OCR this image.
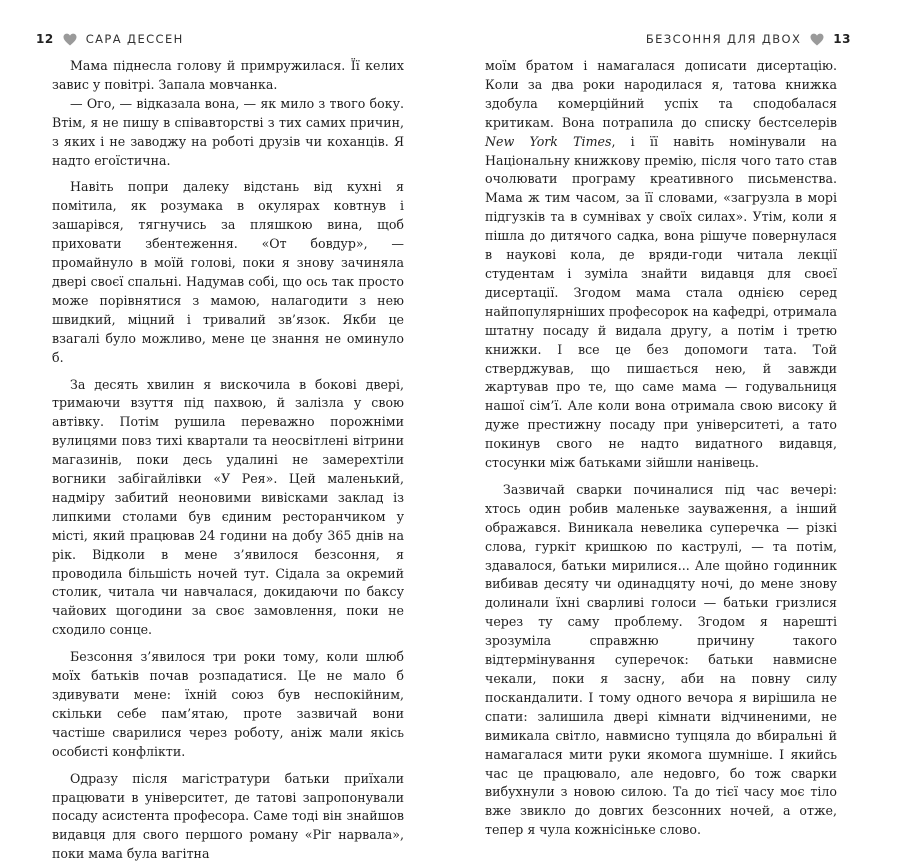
12	САРА ДЕССЕН

Мама піднесла голову й примружилася. Її келих завис у повітрі. Запала мовчанка.

— Ого, — відказала вона, — як мило з твого боку. Втім, я не пишу в співавторстві з тих самих причин, з яких і не заводжу на роботі друзів чи коханців. Я надто егоїстична.

Навіть попри далеку відстань від кухні я помітила, як розумака в окулярах ковтнув і зашарівся, тягнучись за пляшкою вина, щоб приховати збентеження. «От бовдур», — промайнуло в моїй голові, поки я знову зачиняла двері своєї спальні. Надумав собі, що ось так просто може порівнятися з мамою, налагодити з нею швидкий, міцний і тривалий зв’язок. Якби це взагалі було можливо, мене це знання не оминуло б.

За десять хвилин я вискочила в бокові двері, тримаючи взуття під пахвою, й залізла у свою автівку. Потім рушила переважно порожніми вулицями повз тихі квартали та неосвітлені вітрини магазинів, поки десь удалині не замерехтіли вогники забігайлівки «У Рея». Цей маленький, надміру забитий неоновими вивісками заклад із липкими столами був єдиним ресторанчиком у місті, який працював 24 години на добу 365 днів на рік. Відколи в мене з’явилося безсоння, я проводила більшість ночей тут. Сідала за окремий столик, читала чи навчалася, докидаючи по баксу чайових щогодини за своє замовлення, поки не сходило сонце.

Безсоння з’явилося три роки тому, коли шлюб моїх батьків почав розпадатися. Це не мало б здивувати мене: їхній союз був неспокійним, скільки себе пам’ятаю, проте зазвичай вони частіше сварилися через роботу, аніж мали якісь особисті конфлікти.

Одразу після магістратури батьки приїхали працювати в університет, де татові запропонували посаду асистента професора. Саме тоді він знайшов видавця для свого першого роману «Ріг нарвала», поки мама була вагітна

БЕЗСОННЯ ДЛЯ ДВОХ	13

моїм братом і намагалася дописати дисертацію. Коли за два роки народилася я, татова книжка здобула комерційний успіх та сподобалася критикам. Вона потрапила до списку бестселерів New York Times, і її навіть номінували на Національну книжкову премію, після чого тато став очолювати програму креативного письменства. Мама ж тим часом, за її словами, «загрузла в морі підгузків та в сумнівах у своїх силах». Утім, коли я пішла до дитячого садка, вона рішуче повернулася в наукові кола, де вряди-годи читала лекції студентам і зуміла знайти видавця для своєї дисертації. Згодом мама стала однією серед найпопулярніших професорок на кафедрі, отримала штатну посаду й видала другу, а потім і третю книжки. І все це без допомоги тата. Той стверджував, що пишається нею, й завжди жартував про те, що саме мама — годувальниця нашої сім’ї. Але коли вона отримала свою високу й дуже престижну посаду при університеті, а тато покинув свого не надто видатного видавця, стосунки між батьками зійшли нанівець.

Зазвичай сварки починалися під час вечері: хтось один робив маленьке зауваження, а інший ображався. Виникала невелика суперечка — різкі слова, гуркіт кришкою по каструлі, — та потім, здавалося, батьки мирилися... Але щойно годинник вибивав десяту чи одинадцяту ночі, до мене знову долинали їхні сварливі голоси — батьки гризлися через ту саму проблему. Згодом я нарешті зрозуміла справжню причину такого відтермінування суперечок: батьки навмисне чекали, поки я засну, аби на повну силу поскандалити. І тому одного вечора я вирішила не спати: залишила двері кімнати відчиненими, не вимикала світло, навмисно тупцяла до вбиральні й намагалася мити руки якомога шумніше. І якийсь час це працювало, але недовго, бо тож сварки вибухнули з новою силою. Та до тієї часу моє тіло вже звикло до довгих безсонних ночей, а отже, тепер я чула кожнісіньке слово.
